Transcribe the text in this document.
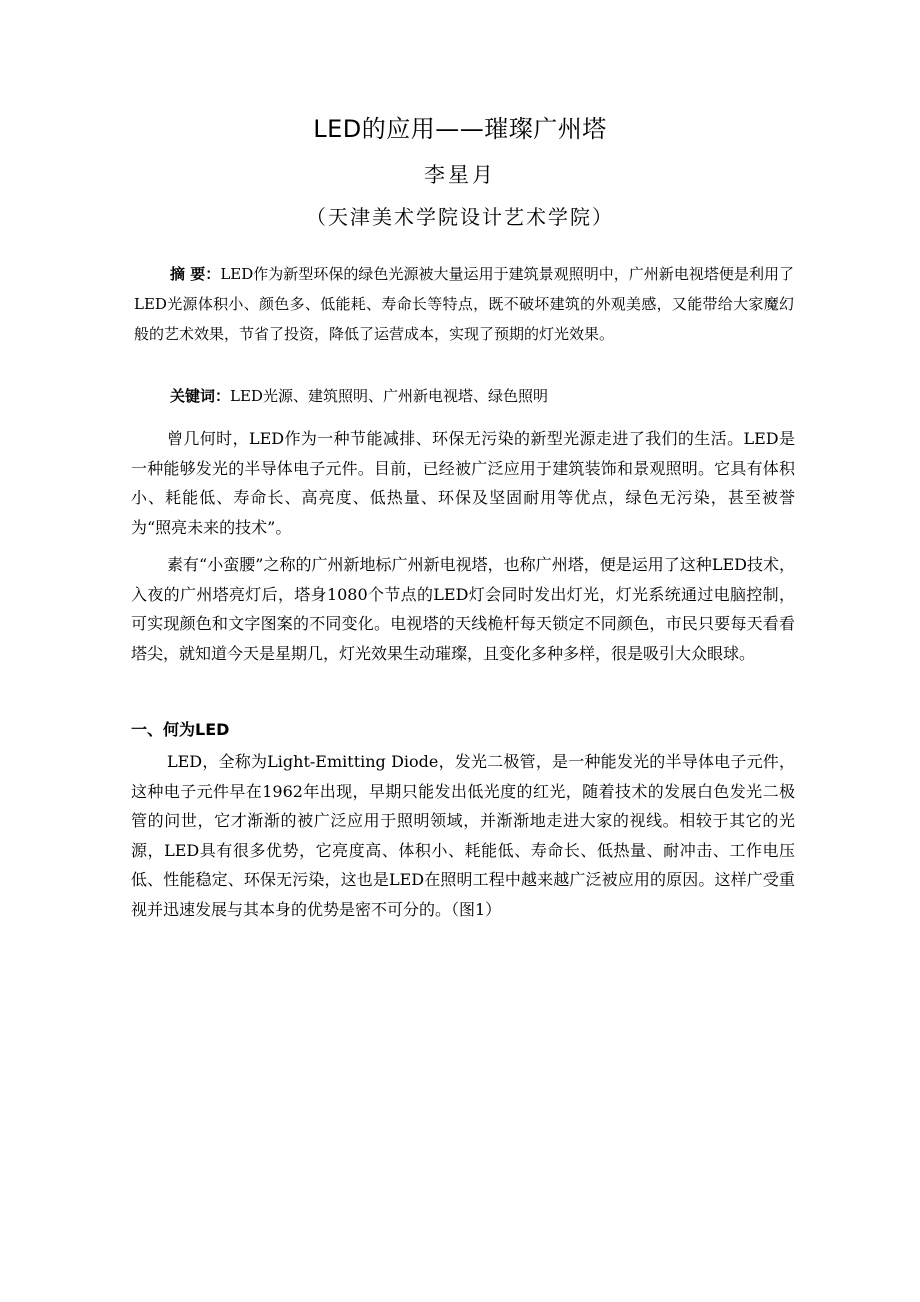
LED的应用——璀璨广州塔
李星月
（天津美术学院设计艺术学院）

摘 要：LED作为新型环保的绿色光源被大量运用于建筑景观照明中，广州新电视塔便是利用了LED光源体积小、颜色多、低能耗、寿命长等特点，既不破坏建筑的外观美感，又能带给大家魔幻般的艺术效果，节省了投资，降低了运营成本，实现了预期的灯光效果。

关键词：LED光源、建筑照明、广州新电视塔、绿色照明

曾几何时，LED作为一种节能减排、环保无污染的新型光源走进了我们的生活。LED是一种能够发光的半导体电子元件。目前，已经被广泛应用于建筑装饰和景观照明。它具有体积小、耗能低、寿命长、高亮度、低热量、环保及坚固耐用等优点，绿色无污染，甚至被誉为“照亮未来的技术”。

素有“小蛮腰”之称的广州新地标广州新电视塔，也称广州塔，便是运用了这种LED技术，入夜的广州塔亮灯后，塔身1080个节点的LED灯会同时发出灯光，灯光系统通过电脑控制，可实现颜色和文字图案的不同变化。电视塔的天线桅杆每天锁定不同颜色，市民只要每天看看塔尖，就知道今天是星期几，灯光效果生动璀璨，且变化多种多样，很是吸引大众眼球。

一、何为LED

LED，全称为Light-Emitting Diode，发光二极管，是一种能发光的半导体电子元件，这种电子元件早在1962年出现，早期只能发出低光度的红光，随着技术的发展白色发光二极管的问世，它才渐渐的被广泛应用于照明领域，并渐渐地走进大家的视线。相较于其它的光源，LED具有很多优势，它亮度高、体积小、耗能低、寿命长、低热量、耐冲击、工作电压低、性能稳定、环保无污染，这也是LED在照明工程中越来越广泛被应用的原因。这样广受重视并迅速发展与其本身的优势是密不可分的。（图1）
